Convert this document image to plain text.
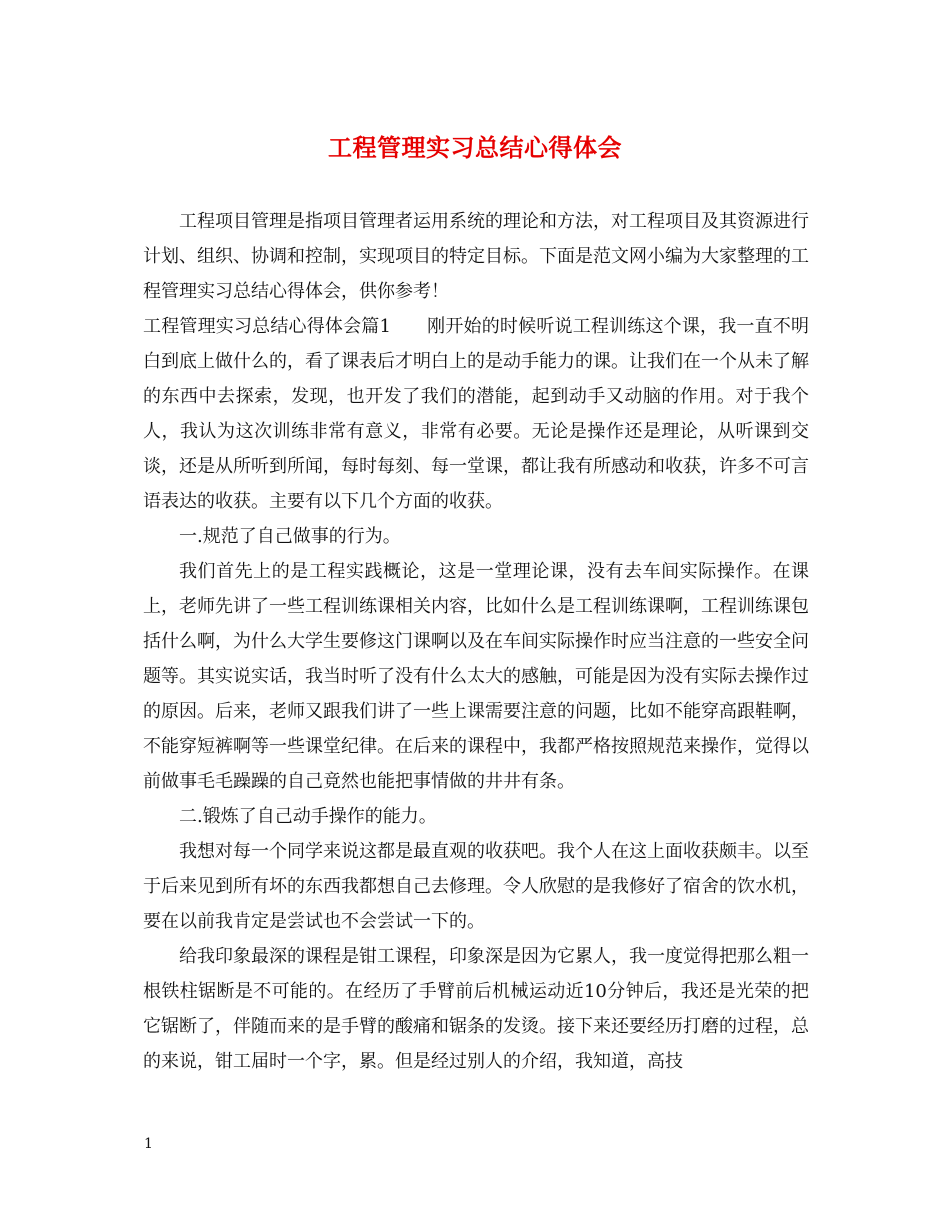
工程管理实习总结心得体会

工程项目管理是指项目管理者运用系统的理论和方法，对工程项目及其资源进行计划、组织、协调和控制，实现项目的特定目标。下面是范文网小编为大家整理的工程管理实习总结心得体会，供你参考！

工程管理实习总结心得体会篇1 刚开始的时候听说工程训练这个课，我一直不明白到底上做什么的，看了课表后才明白上的是动手能力的课。让我们在一个从未了解的东西中去探索，发现，也开发了我们的潜能，起到动手又动脑的作用。对于我个人，我认为这次训练非常有意义，非常有必要。无论是操作还是理论，从听课到交谈，还是从所听到所闻，每时每刻、每一堂课，都让我有所感动和收获，许多不可言语表达的收获。主要有以下几个方面的收获。

一.规范了自己做事的行为。

我们首先上的是工程实践概论，这是一堂理论课，没有去车间实际操作。在课上，老师先讲了一些工程训练课相关内容，比如什么是工程训练课啊，工程训练课包括什么啊，为什么大学生要修这门课啊以及在车间实际操作时应当注意的一些安全问题等。其实说实话，我当时听了没有什么太大的感触，可能是因为没有实际去操作过的原因。后来，老师又跟我们讲了一些上课需要注意的问题，比如不能穿高跟鞋啊，不能穿短裤啊等一些课堂纪律。在后来的课程中，我都严格按照规范来操作，觉得以前做事毛毛躁躁的自己竟然也能把事情做的井井有条。

二.锻炼了自己动手操作的能力。

我想对每一个同学来说这都是最直观的收获吧。我个人在这上面收获颇丰。以至于后来见到所有坏的东西我都想自己去修理。令人欣慰的是我修好了宿舍的饮水机，要在以前我肯定是尝试也不会尝试一下的。

给我印象最深的课程是钳工课程，印象深是因为它累人，我一度觉得把那么粗一根铁柱锯断是不可能的。在经历了手臂前后机械运动近10分钟后，我还是光荣的把它锯断了，伴随而来的是手臂的酸痛和锯条的发烫。接下来还要经历打磨的过程，总的来说，钳工届时一个字，累。但是经过别人的介绍，我知道，高技

1
